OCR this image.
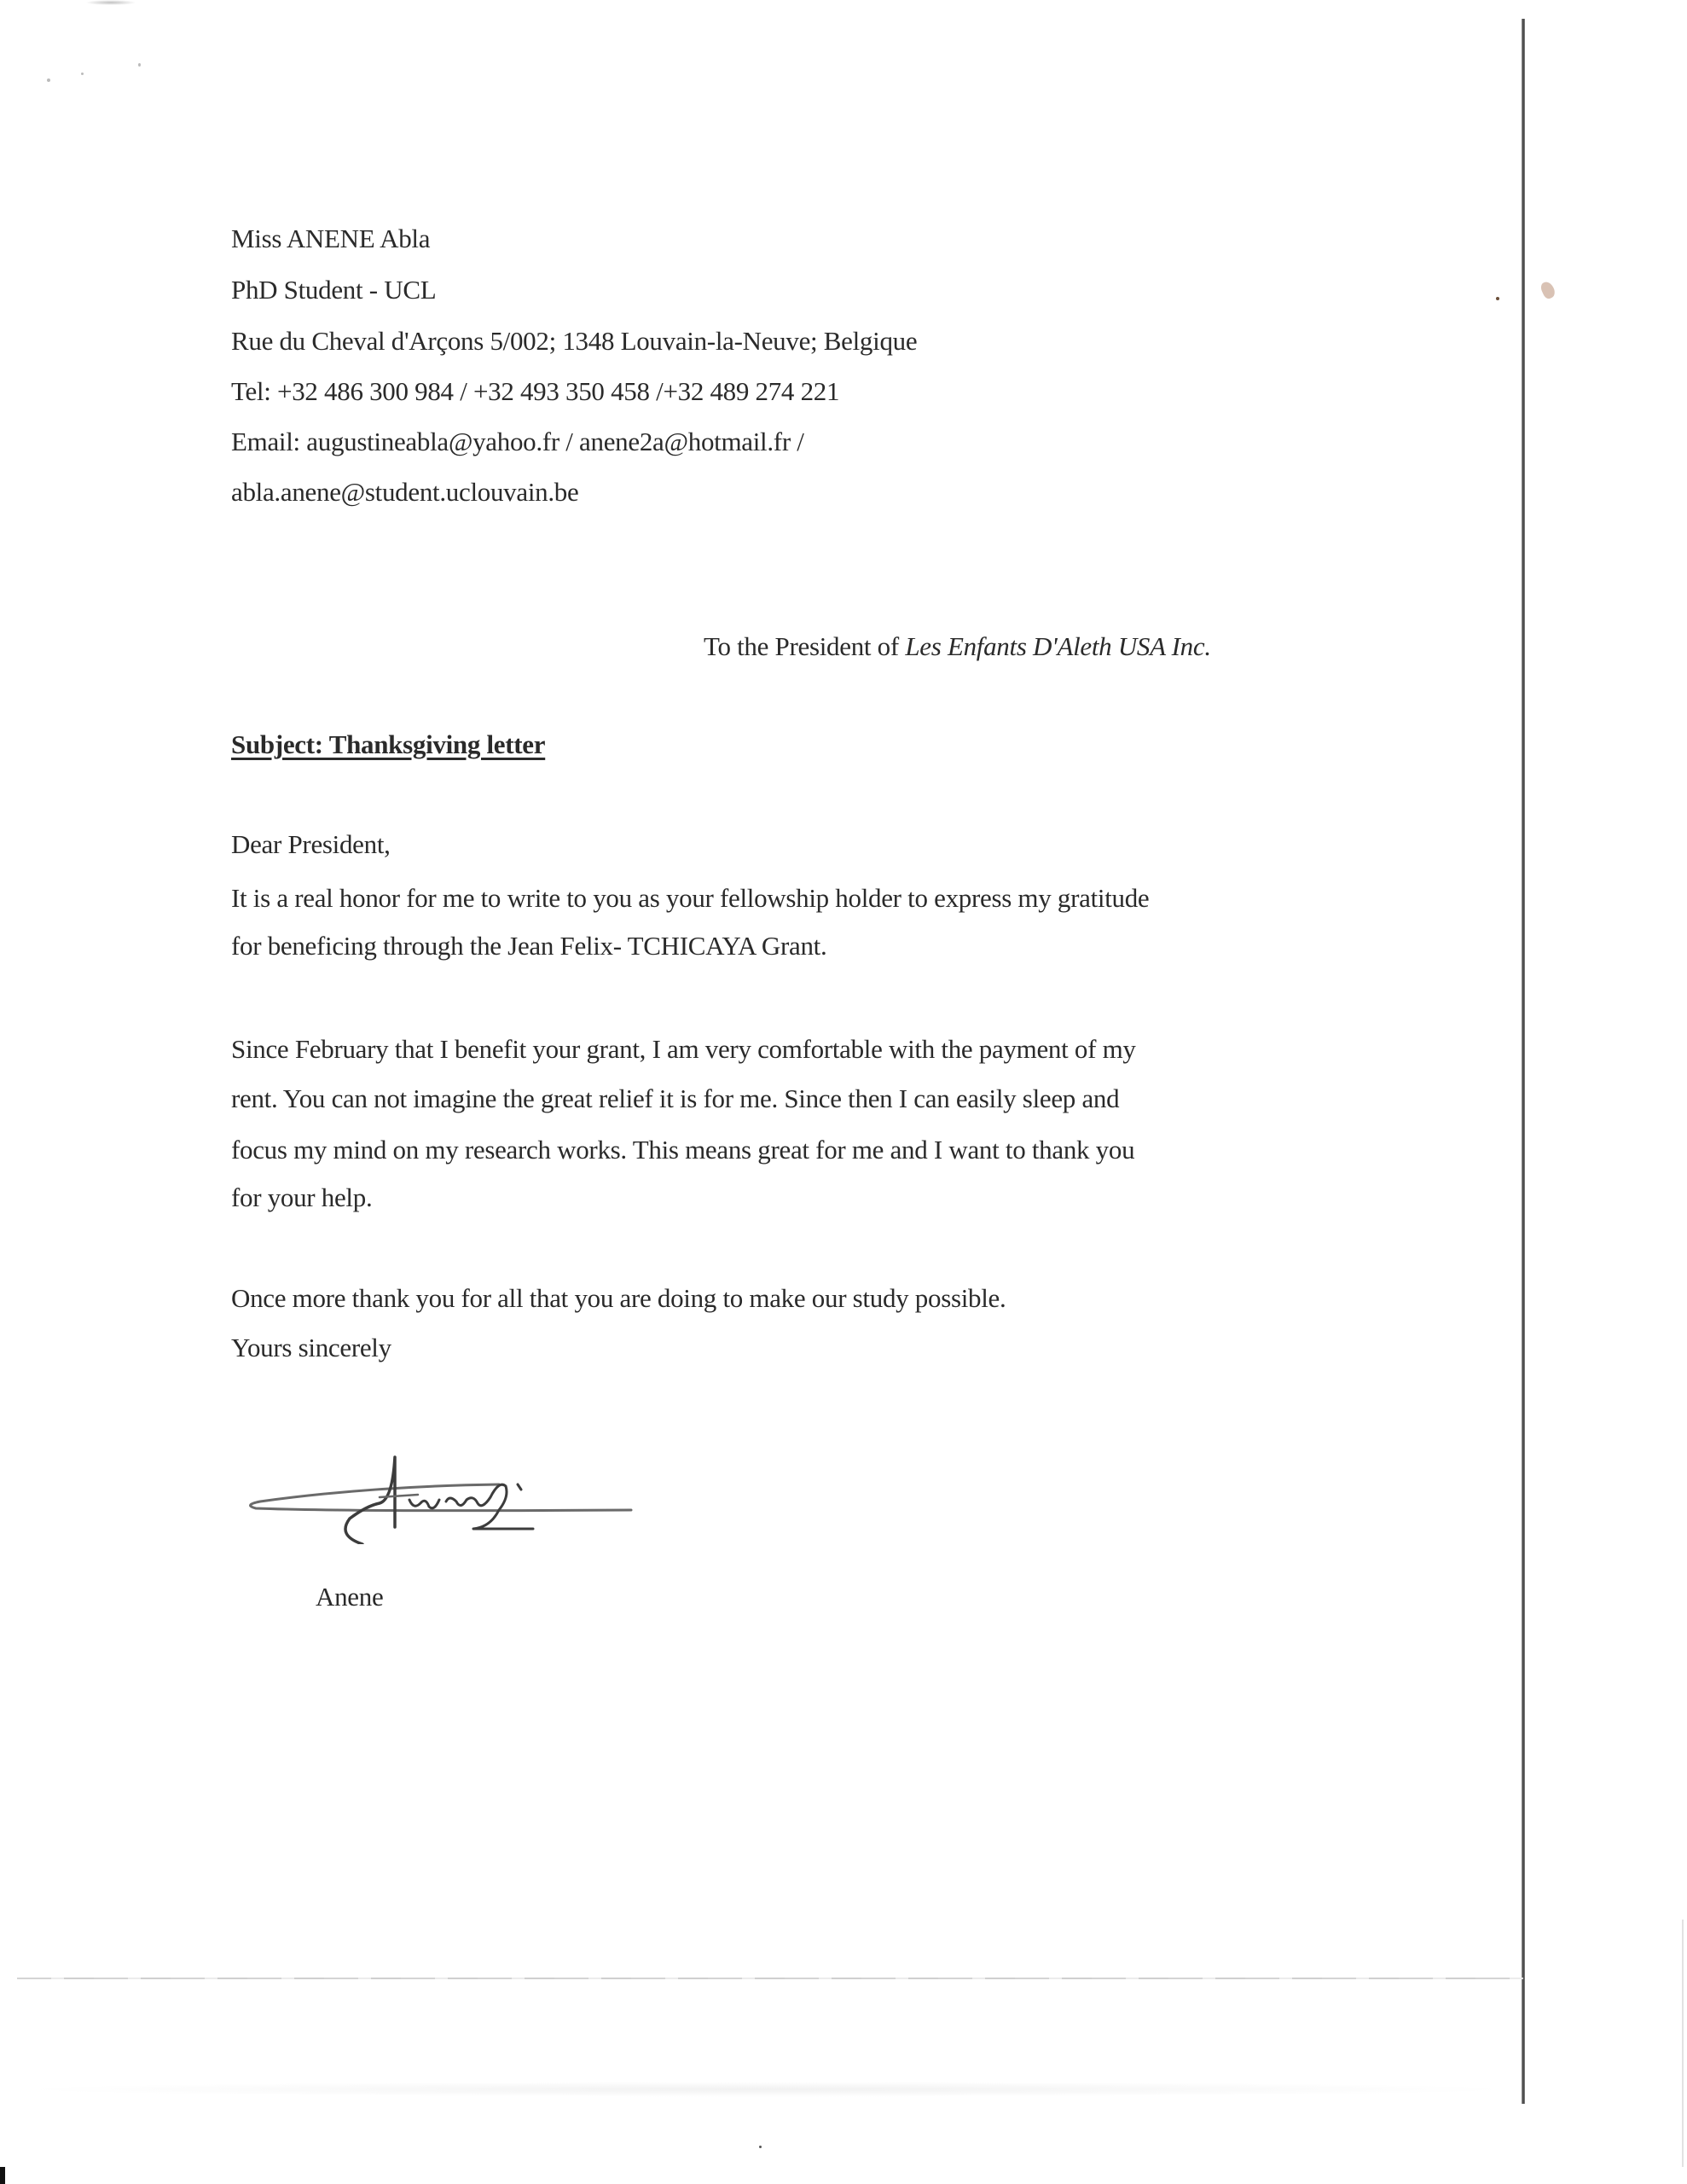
Miss ANENE Abla
PhD Student - UCL
Rue du Cheval d'Arçons 5/002; 1348 Louvain-la-Neuve; Belgique
Tel: +32 486 300 984 / +32 493 350 458 /+32 489 274 221
Email: augustineabla@yahoo.fr / anene2a@hotmail.fr /
abla.anene@student.uclouvain.be
To the President of Les Enfants D'Aleth USA Inc.
Subject: Thanksgiving letter
Dear President,
It is a real honor for me to write to you as your fellowship holder to express my gratitude
for beneficing through the Jean Felix- TCHICAYA Grant.
Since February that I benefit your grant, I am very comfortable with the payment of my
rent. You can not imagine the great relief it is for me. Since then I can easily sleep and
focus my mind on my research works. This means great for me and I want to thank you
for your help.
Once more thank you for all that you are doing to make our study possible.
Yours sincerely
Anene
